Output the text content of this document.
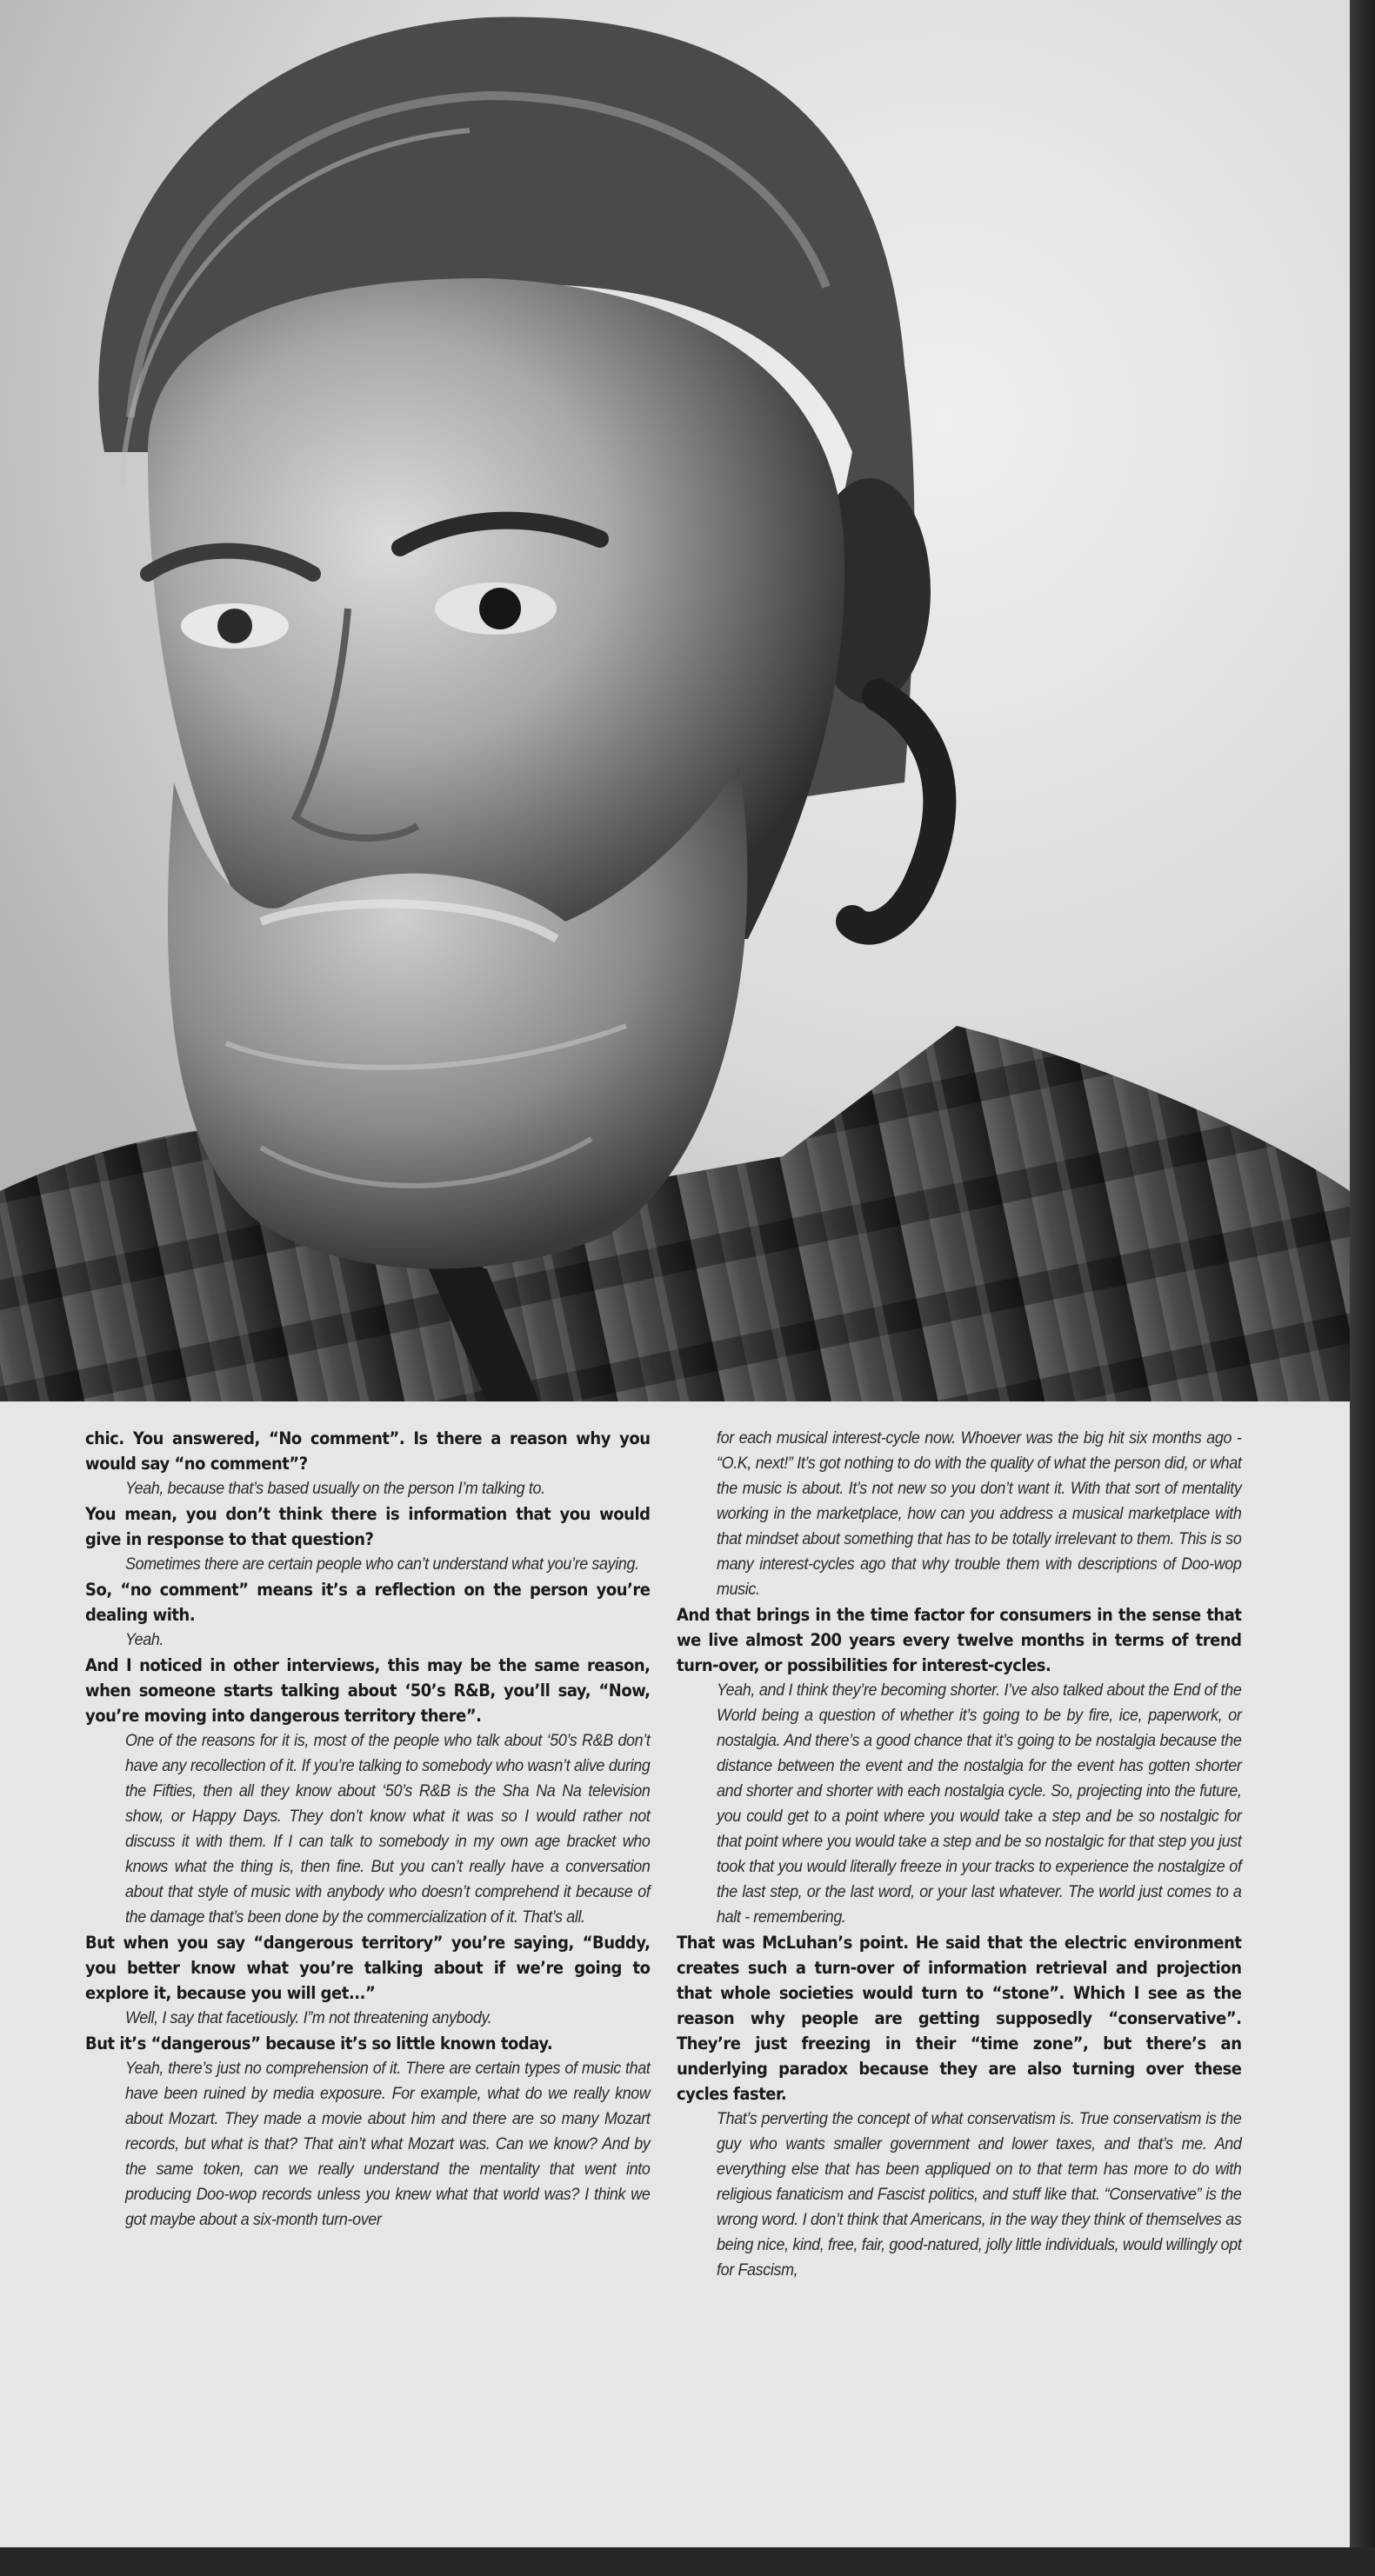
chic. You answered, “No comment”. Is there a reason why you would say “no comment”?

Yeah, because that’s based usually on the person I’m talking to.

You mean, you don’t think there is information that you would give in response to that question?

Sometimes there are certain people who can’t understand what you’re saying.

So, “no comment” means it’s a reflection on the person you’re dealing with.

Yeah.

And I noticed in other interviews, this may be the same reason, when someone starts talking about ‘50’s R&B, you’ll say, “Now, you’re moving into dangerous territory there”.

One of the reasons for it is, most of the people who talk about ‘50’s R&B don’t have any recollection of it. If you’re talking to somebody who wasn’t alive during the Fifties, then all they know about ‘50’s R&B is the Sha Na Na television show, or Happy Days. They don’t know what it was so I would rather not discuss it with them. If I can talk to somebody in my own age bracket who knows what the thing is, then fine. But you can’t really have a conversation about that style of music with anybody who doesn’t comprehend it because of the damage that’s been done by the commercialization of it. That’s all.

But when you say “dangerous territory” you’re saying, “Buddy, you better know what you’re talking about if we’re going to explore it, because you will get...”

Well, I say that facetiously. I”m not threatening anybody.

But it’s “dangerous” because it’s so little known today.

Yeah, there’s just no comprehension of it. There are certain types of music that have been ruined by media exposure. For example, what do we really know about Mozart. They made a movie about him and there are so many Mozart records, but what is that? That ain’t what Mozart was. Can we know? And by the same token, can we really understand the mentality that went into producing Doo-wop records unless you knew what that world was? I think we got maybe about a six-month turn-over

for each musical interest-cycle now. Whoever was the big hit six months ago - “O.K, next!” It’s got nothing to do with the quality of what the person did, or what the music is about. It’s not new so you don’t want it. With that sort of mentality working in the marketplace, how can you address a musical marketplace with that mindset about something that has to be totally irrelevant to them. This is so many interest-cycles ago that why trouble them with descriptions of Doo-wop music.

And that brings in the time factor for consumers in the sense that we live almost 200 years every twelve months in terms of trend turn-over, or possibilities for interest-cycles.

Yeah, and I think they’re becoming shorter. I’ve also talked about the End of the World being a question of whether it’s going to be by fire, ice, paperwork, or nostalgia. And there’s a good chance that it’s going to be nostalgia because the distance between the event and the nostalgia for the event has gotten shorter and shorter and shorter with each nostalgia cycle. So, projecting into the future, you could get to a point where you would take a step and be so nostalgic for that point where you would take a step and be so nostalgic for that step you just took that you would literally freeze in your tracks to experience the nostalgize of the last step, or the last word, or your last whatever. The world just comes to a halt - remembering.

That was McLuhan’s point. He said that the electric environment creates such a turn-over of information retrieval and projection that whole societies would turn to “stone”. Which I see as the reason why people are getting supposedly “conservative”. They’re just freezing in their “time zone”, but there’s an underlying paradox because they are also turning over these cycles faster.

That’s perverting the concept of what conservatism is. True conservatism is the guy who wants smaller government and lower taxes, and that’s me. And everything else that has been appliqued on to that term has more to do with religious fanaticism and Fascist politics, and stuff like that. “Conservative” is the wrong word. I don’t think that Americans, in the way they think of themselves as being nice, kind, free, fair, good-natured, jolly little individuals, would willingly opt for Fascism,
